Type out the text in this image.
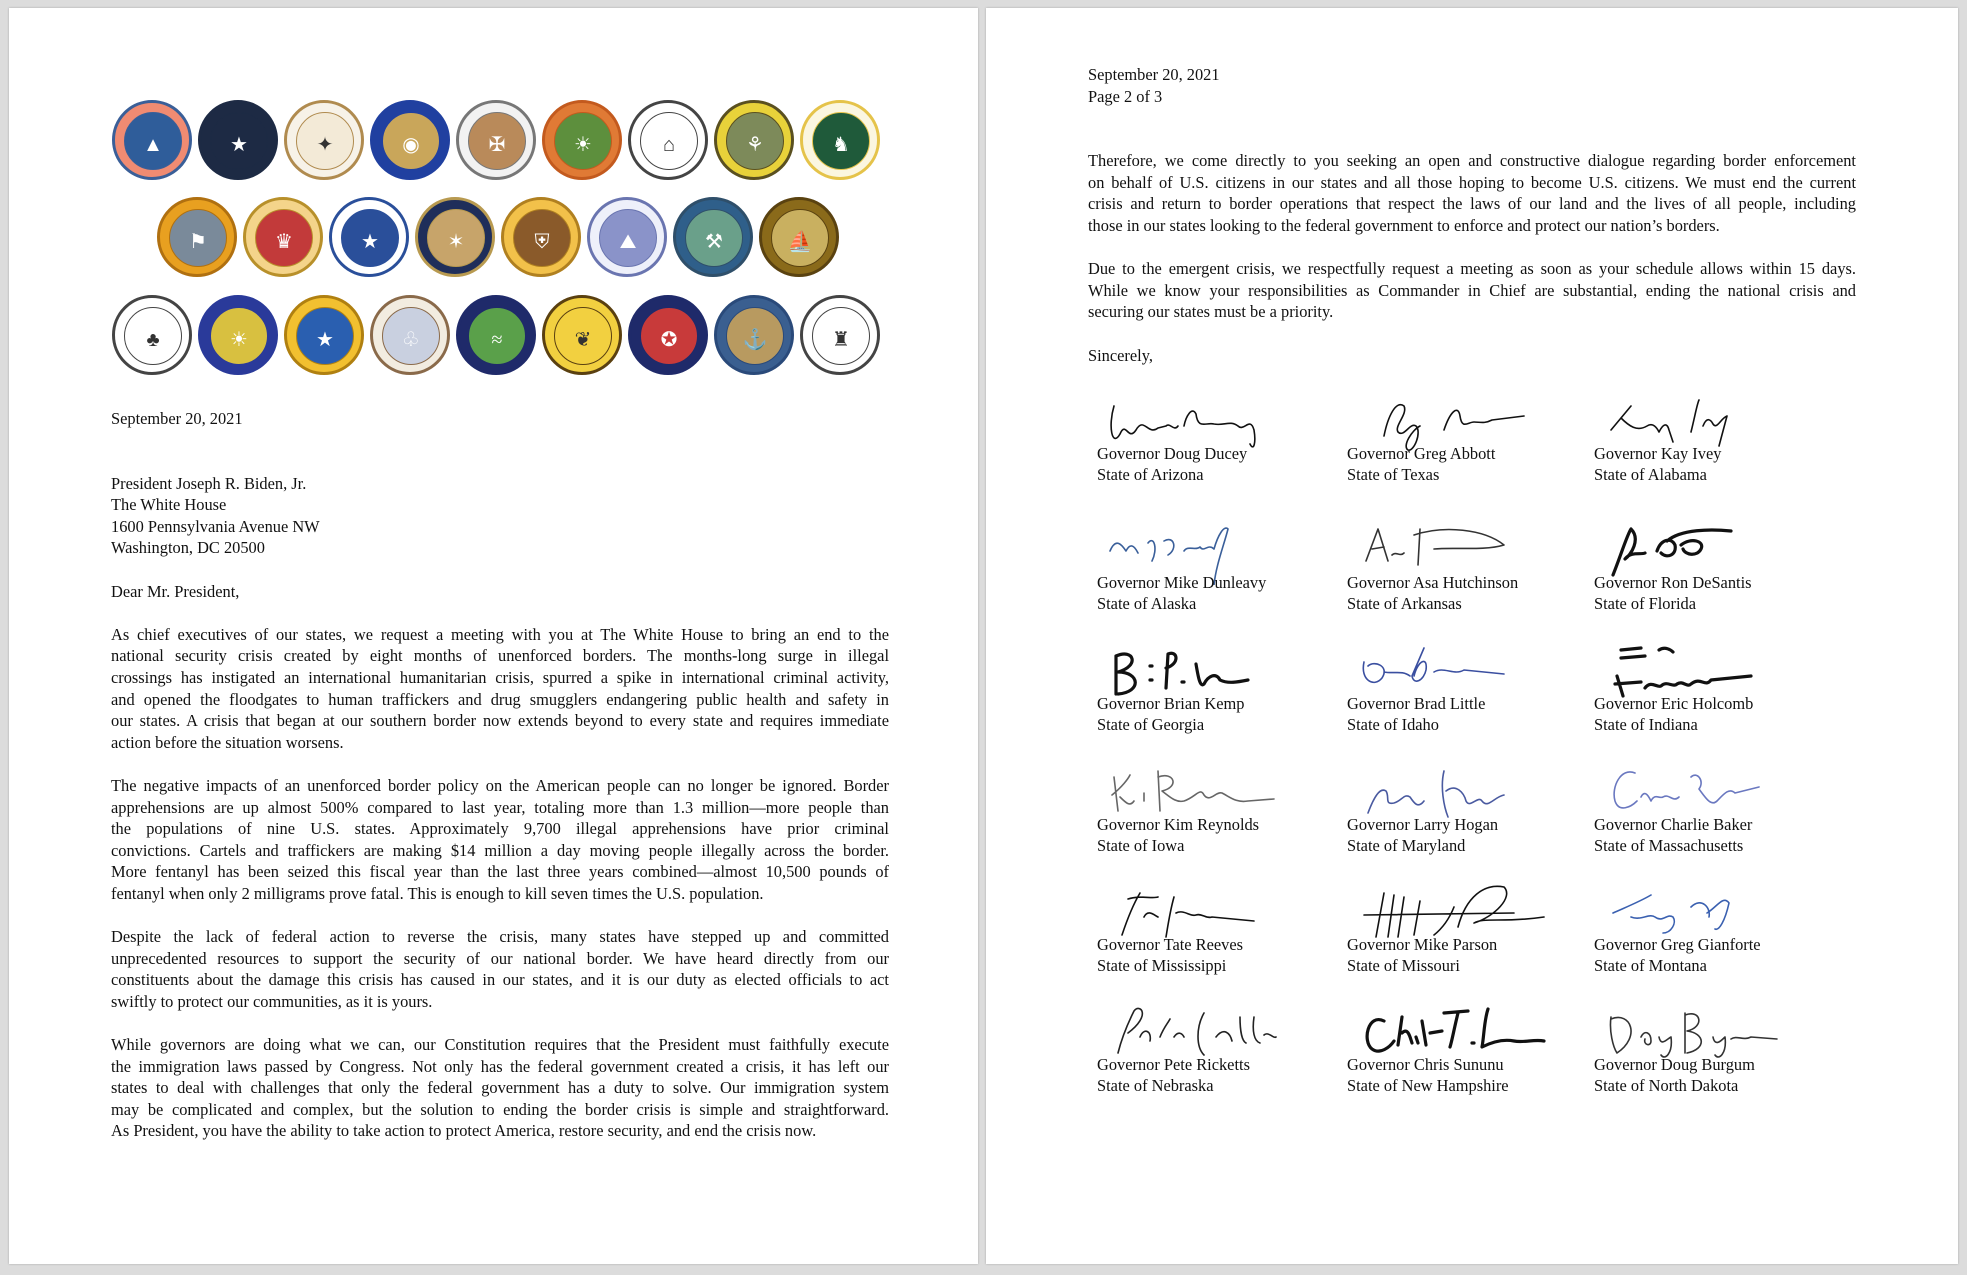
▲	★	✦	◉	✠	☀	⌂	⚘	♞
⚑	♛	★	✶	⛨	⛰	⚒	⛵
♣	☀	★	♧	≈	❦	✪	⚓	♜
September 20, 2021
President Joseph R. Biden, Jr.
The White House
1600 Pennsylvania Avenue NW
Washington, DC 20500
Dear Mr. President,
As chief executives of our states, we request a meeting with you at The White House to bring an end to the
national security crisis created by eight months of unenforced borders. The months-long surge in illegal
crossings has instigated an international humanitarian crisis, spurred a spike in international criminal activity,
and opened the floodgates to human traffickers and drug smugglers endangering public health and safety in
our states. A crisis that began at our southern border now extends beyond to every state and requires immediate
action before the situation worsens.
The negative impacts of an unenforced border policy on the American people can no longer be ignored. Border
apprehensions are up almost 500% compared to last year, totaling more than 1.3 million—more people than
the populations of nine U.S. states. Approximately 9,700 illegal apprehensions have prior criminal
convictions. Cartels and traffickers are making $14 million a day moving people illegally across the border.
More fentanyl has been seized this fiscal year than the last three years combined—almost 10,500 pounds of
fentanyl when only 2 milligrams prove fatal. This is enough to kill seven times the U.S. population.
Despite the lack of federal action to reverse the crisis, many states have stepped up and committed
unprecedented resources to support the security of our national border. We have heard directly from our
constituents about the damage this crisis has caused in our states, and it is our duty as elected officials to act
swiftly to protect our communities, as it is yours.
While governors are doing what we can, our Constitution requires that the President must faithfully execute
the immigration laws passed by Congress. Not only has the federal government created a crisis, it has left our
states to deal with challenges that only the federal government has a duty to solve. Our immigration system
may be complicated and complex, but the solution to ending the border crisis is simple and straightforward.
As President, you have the ability to take action to protect America, restore security, and end the crisis now.
September 20, 2021
Page 2 of 3
Therefore, we come directly to you seeking an open and constructive dialogue regarding border enforcement
on behalf of U.S. citizens in our states and all those hoping to become U.S. citizens. We must end the current
crisis and return to border operations that respect the laws of our land and the lives of all people, including
those in our states looking to the federal government to enforce and protect our nation’s borders.
Due to the emergent crisis, we respectfully request a meeting as soon as your schedule allows within 15 days.
While we know your responsibilities as Commander in Chief are substantial, ending the national crisis and
securing our states must be a priority.
Sincerely,
Governor Doug Ducey
State of Arizona
Governor Greg Abbott
State of Texas
Governor Kay Ivey
State of Alabama
Governor Mike Dunleavy
State of Alaska
Governor Asa Hutchinson
State of Arkansas
Governor Ron DeSantis
State of Florida
Governor Brian Kemp
State of Georgia
Governor Brad Little
State of Idaho
Governor Eric Holcomb
State of Indiana
Governor Kim Reynolds
State of Iowa
Governor Larry Hogan
State of Maryland
Governor Charlie Baker
State of Massachusetts
Governor Tate Reeves
State of Mississippi
Governor Mike Parson
State of Missouri
Governor Greg Gianforte
State of Montana
Governor Pete Ricketts
State of Nebraska
Governor Chris Sununu
State of New Hampshire
Governor Doug Burgum
State of North Dakota
